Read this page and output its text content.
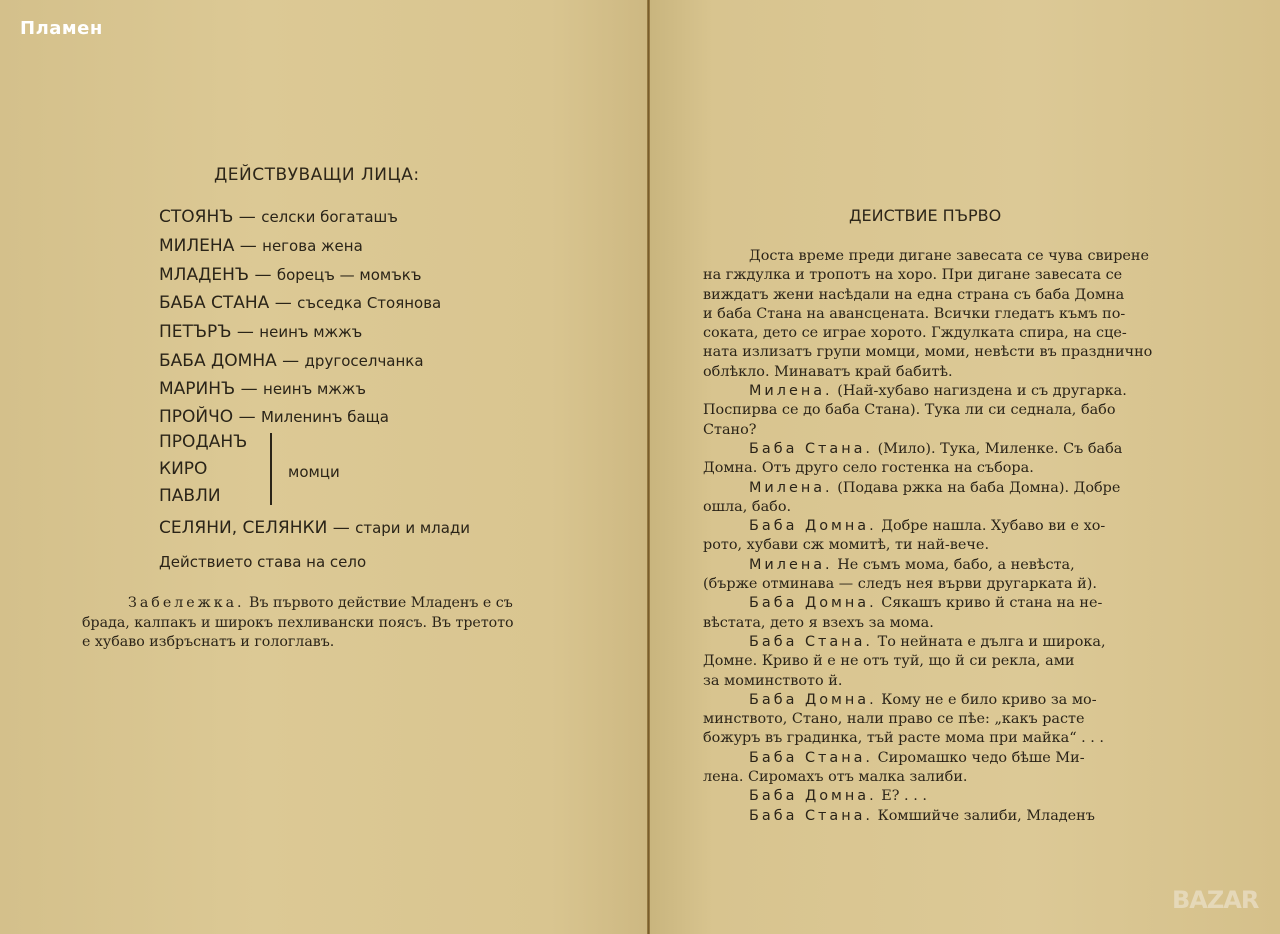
Пламен
BAZAR
ДЕЙСТВУВАЩИ ЛИЦА:
СТОЯНЪ — селски богаташъ
МИЛЕНА — негова жена
МЛАДЕНЪ — борецъ — момъкъ
БАБА СТАНА — съседка Стоянова
ПЕТЪРЪ — неинъ мжжъ
БАБА ДОМНА — другоселчанка
МАРИНЪ — неинъ мжжъ
ПРОЙЧО — Миленинъ баща
ПРОДАНЪ
КИРО
ПАВЛИ
СЕЛЯНИ, СЕЛЯНКИ — стари и млади
момци
Действието става на село
Забележка. Въ първото действие Младенъ е съ
брада, калпакъ и широкъ пехливански поясъ. Въ третото
е хубаво избръснатъ и гологлавъ.
ДЕИСТВИЕ ПЪРВО
Доста време преди дигане завесата се чува свирене
на гждулка и тропотъ на хоро. При дигане завесата се
виждатъ жени насѣдали на една страна съ баба Домна
и баба Стана на авансцената. Всички гледатъ къмъ по-
соката, дето се играе хорото. Гждулката спира, на сце-
ната излизатъ групи момци, моми, невѣсти въ празднично
облѣкло. Минаватъ край бабитѣ.
Милена. (Най-хубаво нагиздена и съ другарка.
Поспирва се до баба Стана). Тука ли си седнала, бабо
Стано?
Баба Стана. (Мило). Тука, Миленке. Съ баба
Домна. Отъ друго село гостенка на събора.
Милена. (Подава ржка на баба Домна). Добре
ошла, бабо.
Баба Домна. Добре нашла. Хубаво ви е хо-
рото, хубави сж момитѣ, ти най-вече.
Милена. Не съмъ мома, бабо, а невѣста,
(бърже отминава — следъ нея върви другарката й).
Баба Домна. Сякашъ криво й стана на не-
вѣстата, дето я взехъ за мома.
Баба Стана. То нейната е дълга и широка,
Домне. Криво й е не отъ туй, що й си рекла, ами
за моминството й.
Баба Домна. Кому не е било криво за мо-
минството, Стано, нали право се пѣе: „какъ расте
божуръ въ градинка, тъй расте мома при майка“ . . .
Баба Стана. Сиромашко чедо бѣше Ми-
лена. Сиромахъ отъ малка залиби.
Баба Домна. Е? . . .
Баба Стана. Комшийче залиби, Младенъ
